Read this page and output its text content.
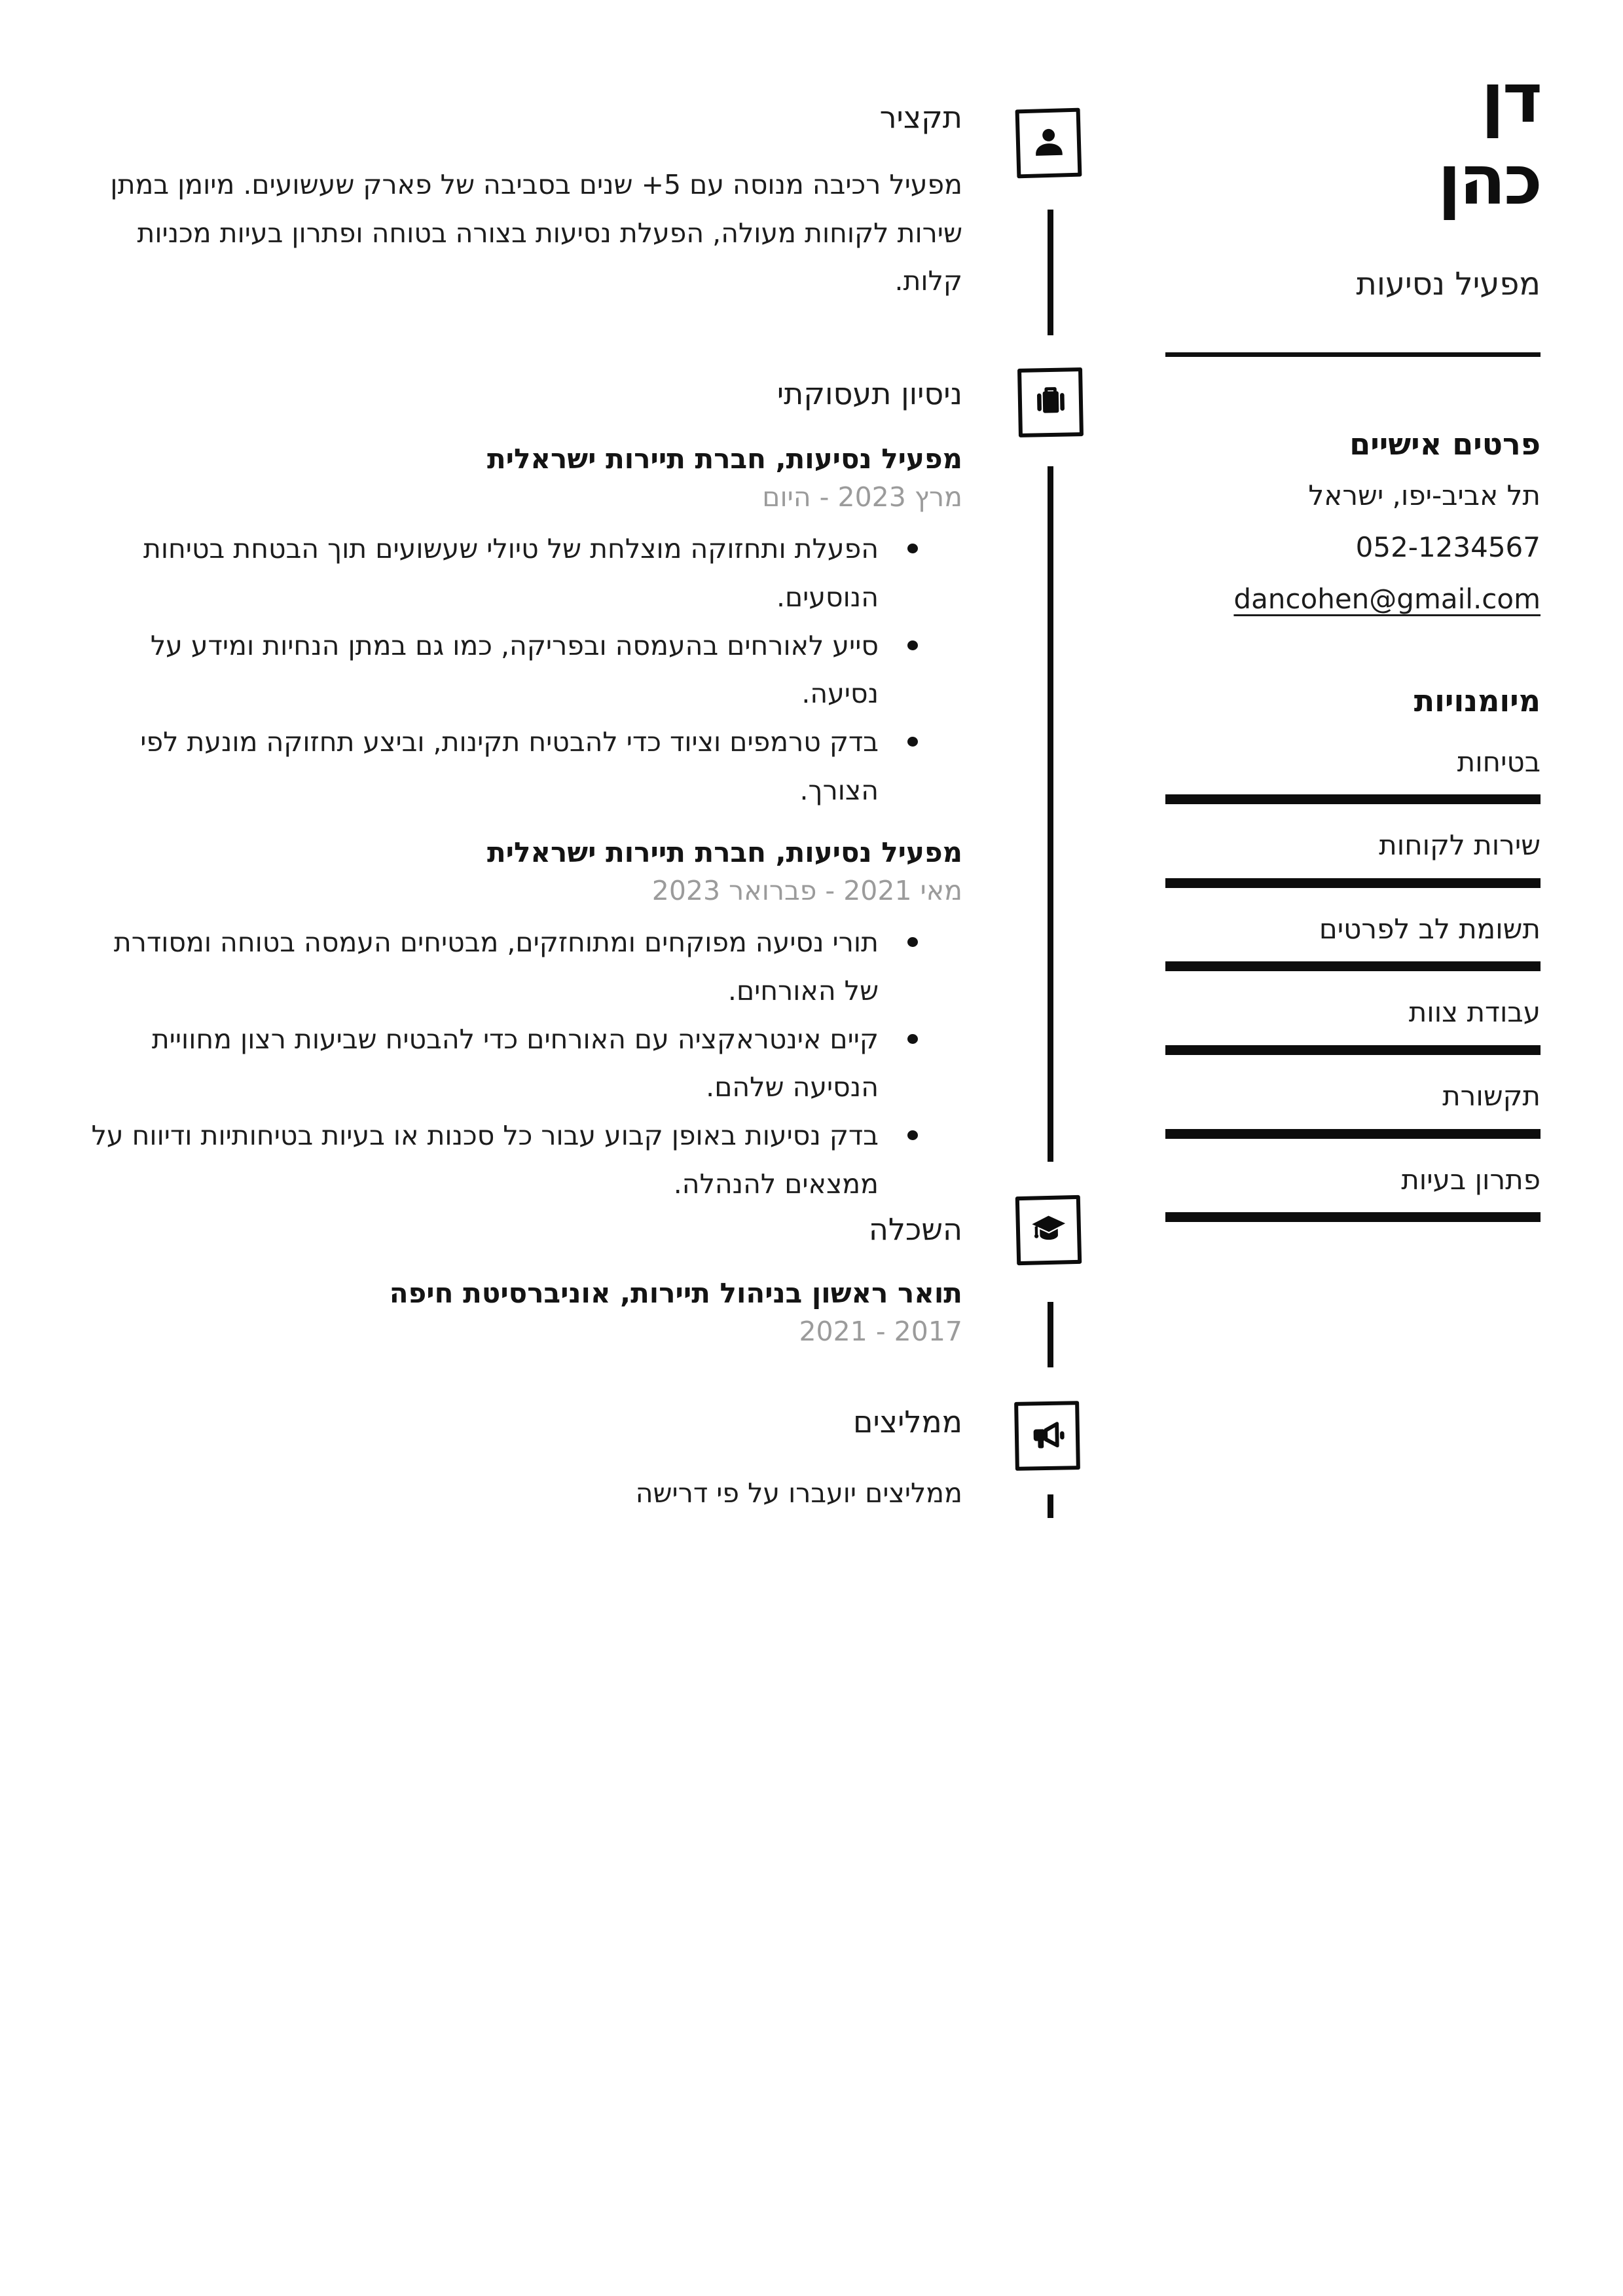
דן
כהן
מפעיל נסיעות
פרטים אישיים
תל אביב-יפו, ישראל
052-1234567
dancohen@gmail.com
מיומנויות
בטיחות
שירות לקוחות
תשומת לב לפרטים
עבודת צוות
תקשורת
פתרון בעיות
תקציר

מפעיל רכיבה מנוסה עם 5+ שנים בסביבה של פארק שעשועים. מיומן במתן שירות לקוחות מעולה, הפעלת נסיעות בצורה בטוחה ופתרון בעיות מכניות קלות.

ניסיון תעסוקתי
מפעיל נסיעות, חברת תיירות ישראלית
מרץ 2023 - היום
הפעלת ותחזוקה מוצלחת של טיולי שעשועים תוך הבטחת בטיחות הנוסעים.
סייע לאורחים בהעמסה ובפריקה, כמו גם במתן הנחיות ומידע על נסיעה.
בדק טרמפים וציוד כדי להבטיח תקינות, וביצע תחזוקה מונעת לפי הצורך.
מפעיל נסיעות, חברת תיירות ישראלית
מאי 2021 - פברואר 2023
תורי נסיעה מפוקחים ומתוחזקים, מבטיחים העמסה בטוחה ומסודרת של האורחים.
קיים אינטראקציה עם האורחים כדי להבטיח שביעות רצון מחוויית הנסיעה שלהם.
בדק נסיעות באופן קבוע עבור כל סכנות או בעיות בטיחותיות ודיווח על ממצאים להנהלה.
השכלה
תואר ראשון בניהול תיירות, אוניברסיטת חיפה
2017 - 2021
ממליצים
ממליצים יועברו על פי דרישה
